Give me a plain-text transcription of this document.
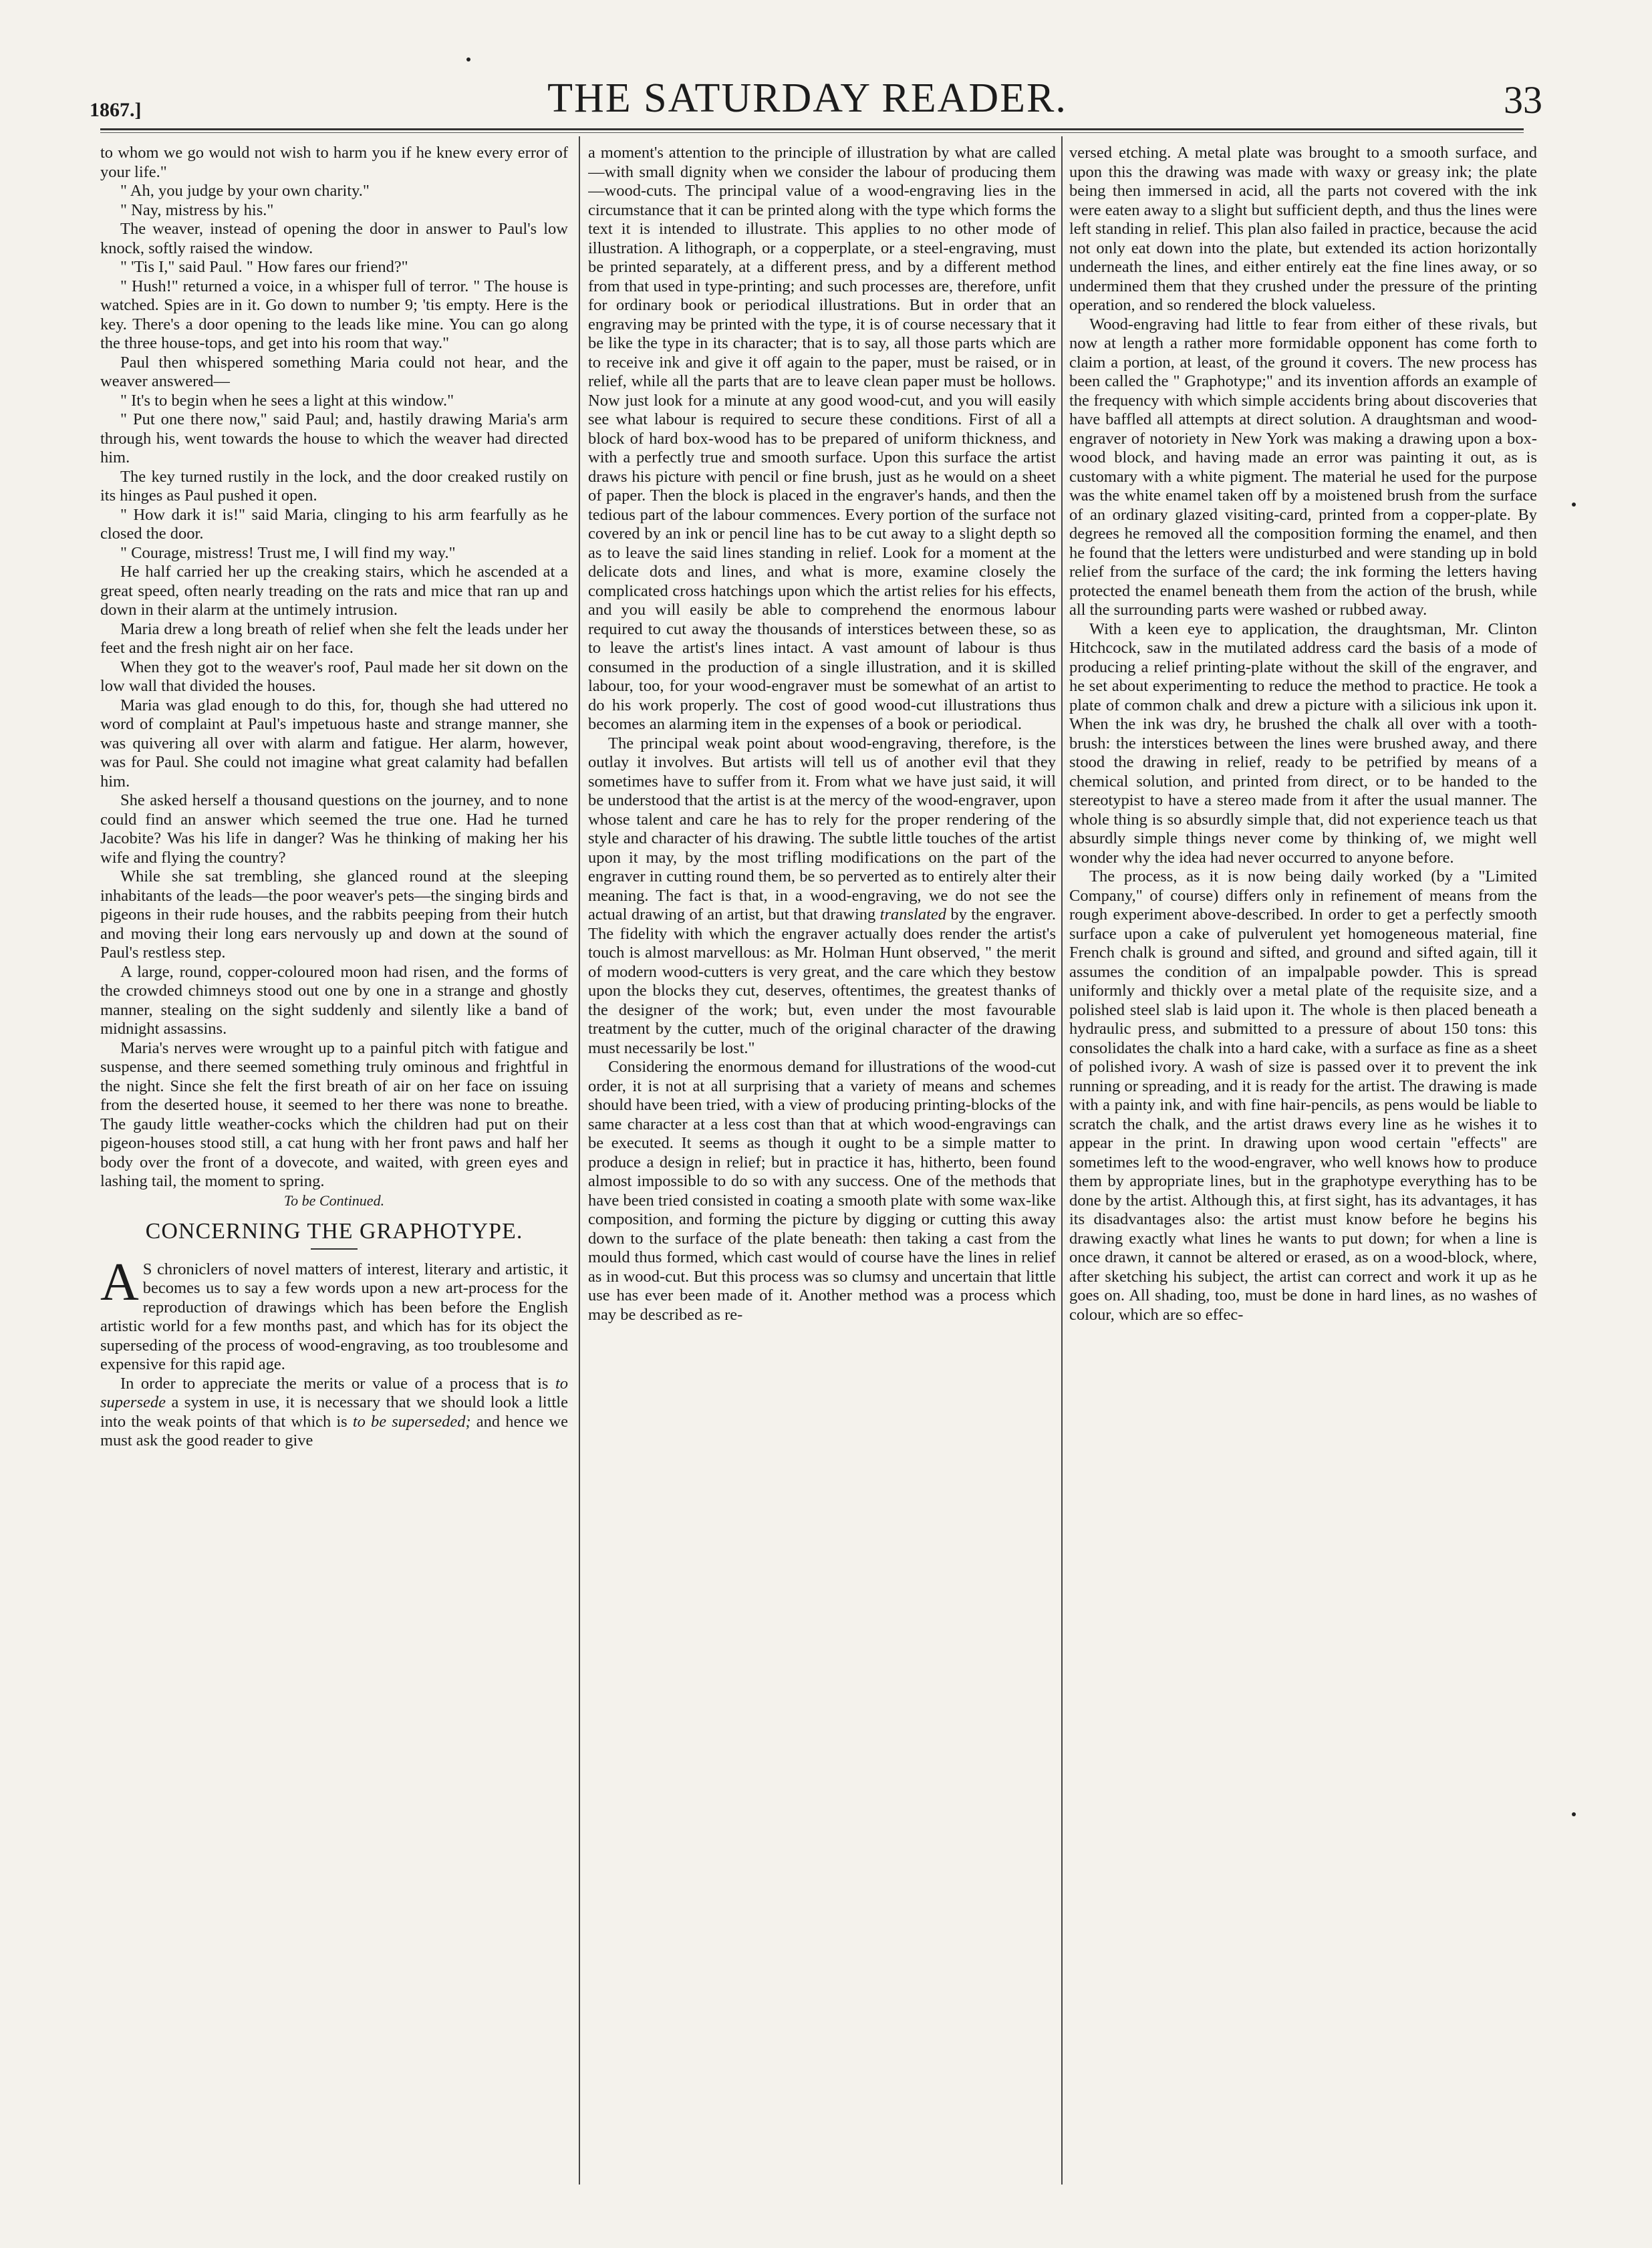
1867.]	THE SATURDAY READER.	33

to whom we go would not wish to harm you if he knew every error of your life."

" Ah, you judge by your own charity."

" Nay, mistress by his."

The weaver, instead of opening the door in answer to Paul's low knock, softly raised the window.

" 'Tis I," said Paul. " How fares our friend?"

" Hush!" returned a voice, in a whisper full of terror. " The house is watched. Spies are in it. Go down to number 9; 'tis empty. Here is the key. There's a door opening to the leads like mine. You can go along the three house-tops, and get into his room that way."

Paul then whispered something Maria could not hear, and the weaver answered—

" It's to begin when he sees a light at this window."

" Put one there now," said Paul; and, hastily drawing Maria's arm through his, went towards the house to which the weaver had directed him.

The key turned rustily in the lock, and the door creaked rustily on its hinges as Paul pushed it open.

" How dark it is!" said Maria, clinging to his arm fearfully as he closed the door.

" Courage, mistress! Trust me, I will find my way."

He half carried her up the creaking stairs, which he ascended at a great speed, often nearly treading on the rats and mice that ran up and down in their alarm at the untimely intrusion.

Maria drew a long breath of relief when she felt the leads under her feet and the fresh night air on her face.

When they got to the weaver's roof, Paul made her sit down on the low wall that divided the houses.

Maria was glad enough to do this, for, though she had uttered no word of complaint at Paul's impetuous haste and strange manner, she was quivering all over with alarm and fatigue. Her alarm, however, was for Paul. She could not imagine what great calamity had befallen him.

She asked herself a thousand questions on the journey, and to none could find an answer which seemed the true one. Had he turned Jacobite? Was his life in danger? Was he thinking of making her his wife and flying the country?

While she sat trembling, she glanced round at the sleeping inhabitants of the leads—the poor weaver's pets—the singing birds and pigeons in their rude houses, and the rabbits peeping from their hutch and moving their long ears nervously up and down at the sound of Paul's restless step.

A large, round, copper-coloured moon had risen, and the forms of the crowded chimneys stood out one by one in a strange and ghostly manner, stealing on the sight suddenly and silently like a band of midnight assassins.

Maria's nerves were wrought up to a painful pitch with fatigue and suspense, and there seemed something truly ominous and frightful in the night. Since she felt the first breath of air on her face on issuing from the deserted house, it seemed to her there was none to breathe. The gaudy little weather-cocks which the children had put on their pigeon-houses stood still, a cat hung with her front paws and half her body over the front of a dovecote, and waited, with green eyes and lashing tail, the moment to spring.

To be Continued.

CONCERNING THE GRAPHOTYPE.

A S chroniclers of novel matters of interest, literary and artistic, it becomes us to say a few words upon a new art-process for the reproduction of drawings which has been before the English artistic world for a few months past, and which has for its object the superseding of the process of wood-engraving, as too troublesome and expensive for this rapid age.

In order to appreciate the merits or value of a process that is to supersede a system in use, it is necessary that we should look a little into the weak points of that which is to be superseded; and hence we must ask the good reader to give

a moment's attention to the principle of illustration by what are called—with small dignity when we consider the labour of producing them—wood-cuts. The principal value of a wood-engraving lies in the circumstance that it can be printed along with the type which forms the text it is intended to illustrate. This applies to no other mode of illustration. A lithograph, or a copperplate, or a steel-engraving, must be printed separately, at a different press, and by a different method from that used in type-printing; and such processes are, therefore, unfit for ordinary book or periodical illustrations. But in order that an engraving may be printed with the type, it is of course necessary that it be like the type in its character; that is to say, all those parts which are to receive ink and give it off again to the paper, must be raised, or in relief, while all the parts that are to leave clean paper must be hollows. Now just look for a minute at any good wood-cut, and you will easily see what labour is required to secure these conditions. First of all a block of hard box-wood has to be prepared of uniform thickness, and with a perfectly true and smooth surface. Upon this surface the artist draws his picture with pencil or fine brush, just as he would on a sheet of paper. Then the block is placed in the engraver's hands, and then the tedious part of the labour commences. Every portion of the surface not covered by an ink or pencil line has to be cut away to a slight depth so as to leave the said lines standing in relief. Look for a moment at the delicate dots and lines, and what is more, examine closely the complicated cross hatchings upon which the artist relies for his effects, and you will easily be able to comprehend the enormous labour required to cut away the thousands of interstices between these, so as to leave the artist's lines intact. A vast amount of labour is thus consumed in the production of a single illustration, and it is skilled labour, too, for your wood-engraver must be somewhat of an artist to do his work properly. The cost of good wood-cut illustrations thus becomes an alarming item in the expenses of a book or periodical.

The principal weak point about wood-engraving, therefore, is the outlay it involves. But artists will tell us of another evil that they sometimes have to suffer from it. From what we have just said, it will be understood that the artist is at the mercy of the wood-engraver, upon whose talent and care he has to rely for the proper rendering of the style and character of his drawing. The subtle little touches of the artist upon it may, by the most trifling modifications on the part of the engraver in cutting round them, be so perverted as to entirely alter their meaning. The fact is that, in a wood-engraving, we do not see the actual drawing of an artist, but that drawing translated by the engraver. The fidelity with which the engraver actually does render the artist's touch is almost marvellous: as Mr. Holman Hunt observed, " the merit of modern wood-cutters is very great, and the care which they bestow upon the blocks they cut, deserves, oftentimes, the greatest thanks of the designer of the work; but, even under the most favourable treatment by the cutter, much of the original character of the drawing must necessarily be lost."

Considering the enormous demand for illustrations of the wood-cut order, it is not at all surprising that a variety of means and schemes should have been tried, with a view of producing printing-blocks of the same character at a less cost than that at which wood-engravings can be executed. It seems as though it ought to be a simple matter to produce a design in relief; but in practice it has, hitherto, been found almost impossible to do so with any success. One of the methods that have been tried consisted in coating a smooth plate with some wax-like composition, and forming the picture by digging or cutting this away down to the surface of the plate beneath: then taking a cast from the mould thus formed, which cast would of course have the lines in relief as in wood-cut. But this process was so clumsy and uncertain that little use has ever been made of it. Another method was a process which may be described as re-

versed etching. A metal plate was brought to a smooth surface, and upon this the drawing was made with waxy or greasy ink; the plate being then immersed in acid, all the parts not covered with the ink were eaten away to a slight but sufficient depth, and thus the lines were left standing in relief. This plan also failed in practice, because the acid not only eat down into the plate, but extended its action horizontally underneath the lines, and either entirely eat the fine lines away, or so undermined them that they crushed under the pressure of the printing operation, and so rendered the block valueless.

Wood-engraving had little to fear from either of these rivals, but now at length a rather more formidable opponent has come forth to claim a portion, at least, of the ground it covers. The new process has been called the " Graphotype;" and its invention affords an example of the frequency with which simple accidents bring about discoveries that have baffled all attempts at direct solution. A draughtsman and wood-engraver of notoriety in New York was making a drawing upon a box-wood block, and having made an error was painting it out, as is customary with a white pigment. The material he used for the purpose was the white enamel taken off by a moistened brush from the surface of an ordinary glazed visiting-card, printed from a copper-plate. By degrees he removed all the composition forming the enamel, and then he found that the letters were undisturbed and were standing up in bold relief from the surface of the card; the ink forming the letters having protected the enamel beneath them from the action of the brush, while all the surrounding parts were washed or rubbed away.

With a keen eye to application, the draughtsman, Mr. Clinton Hitchcock, saw in the mutilated address card the basis of a mode of producing a relief printing-plate without the skill of the engraver, and he set about experimenting to reduce the method to practice. He took a plate of common chalk and drew a picture with a silicious ink upon it. When the ink was dry, he brushed the chalk all over with a tooth-brush: the interstices between the lines were brushed away, and there stood the drawing in relief, ready to be petrified by means of a chemical solution, and printed from direct, or to be handed to the stereotypist to have a stereo made from it after the usual manner. The whole thing is so absurdly simple that, did not experience teach us that absurdly simple things never come by thinking of, we might well wonder why the idea had never occurred to anyone before.

The process, as it is now being daily worked (by a "Limited Company," of course) differs only in refinement of means from the rough experiment above-described. In order to get a perfectly smooth surface upon a cake of pulverulent yet homogeneous material, fine French chalk is ground and sifted, and ground and sifted again, till it assumes the condition of an impalpable powder. This is spread uniformly and thickly over a metal plate of the requisite size, and a polished steel slab is laid upon it. The whole is then placed beneath a hydraulic press, and submitted to a pressure of about 150 tons: this consolidates the chalk into a hard cake, with a surface as fine as a sheet of polished ivory. A wash of size is passed over it to prevent the ink running or spreading, and it is ready for the artist. The drawing is made with a painty ink, and with fine hair-pencils, as pens would be liable to scratch the chalk, and the artist draws every line as he wishes it to appear in the print. In drawing upon wood certain "effects" are sometimes left to the wood-engraver, who well knows how to produce them by appropriate lines, but in the graphotype everything has to be done by the artist. Although this, at first sight, has its advantages, it has its disadvantages also: the artist must know before he begins his drawing exactly what lines he wants to put down; for when a line is once drawn, it cannot be altered or erased, as on a wood-block, where, after sketching his subject, the artist can correct and work it up as he goes on. All shading, too, must be done in hard lines, as no washes of colour, which are so effec-
